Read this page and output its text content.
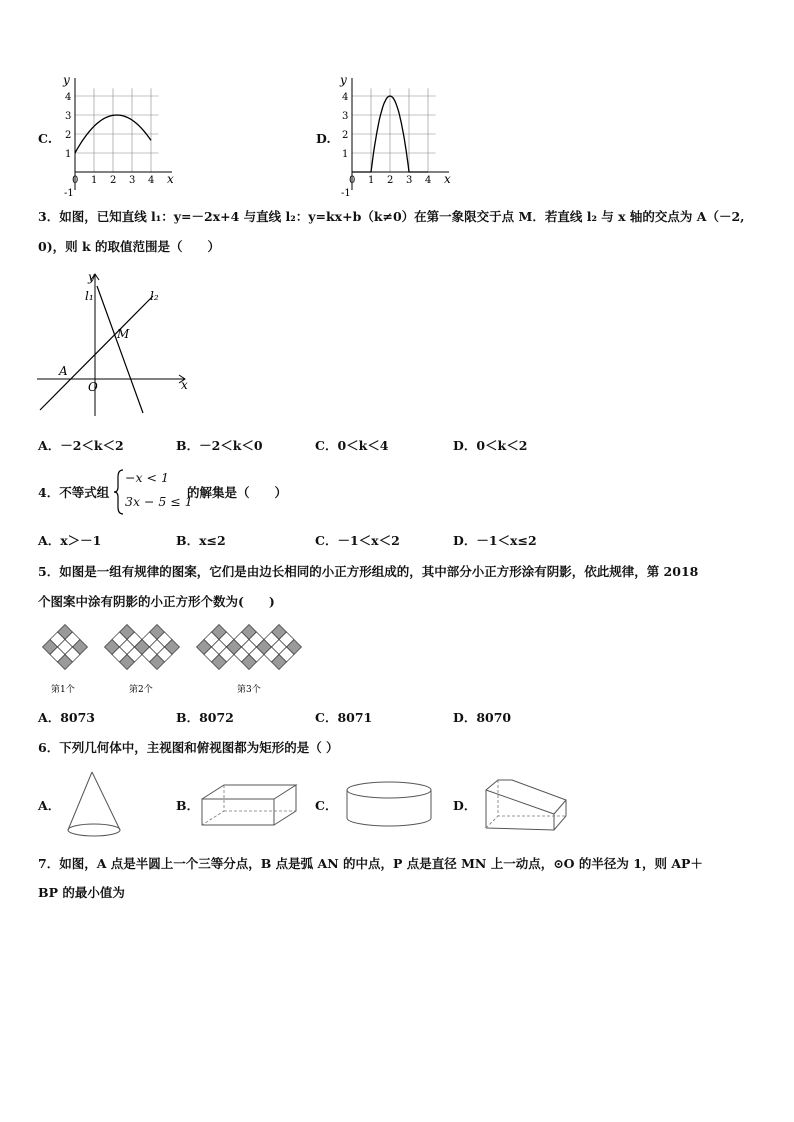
C.
x
y
0 1 2 3 4
1
2
3
4
-1
D.
x
y
0 1 2 3 4
1
2
3
4
-1
3．如图，已知直线 l₁：y=－2x+4 与直线 l₂：y=kx+b（k≠0）在第一象限交于点 M．若直线 l₂ 与 x 轴的交点为 A（－2,
0)，则 k 的取值范围是（　　）
x
y
l₁	l₂
M
A
O
A．－2＜k＜2	B．－2＜k＜0	C．0＜k＜4	D．0＜k＜2
4．不等式组
−x < 1
3x − 5 ≤ 1
的解集是（　　）
A．x＞－1	B．x≤2	C．－1＜x＜2	D．－1＜x≤2
5．如图是一组有规律的图案，它们是由边长相同的小正方形组成的，其中部分小正方形涂有阴影，依此规律，第 2018
个图案中涂有阴影的小正方形个数为(　　)
第1个	第2个	第3个
A．8073	B．8072	C．8071	D．8070
6．下列几何体中，主视图和俯视图都为矩形的是（ ）
A．	B．	C．	D．
7．如图，A 点是半圆上一个三等分点，B 点是弧 AN 的中点，P 点是直径 MN 上一动点，⊙O 的半径为 1，则 AP＋
BP 的最小值为
